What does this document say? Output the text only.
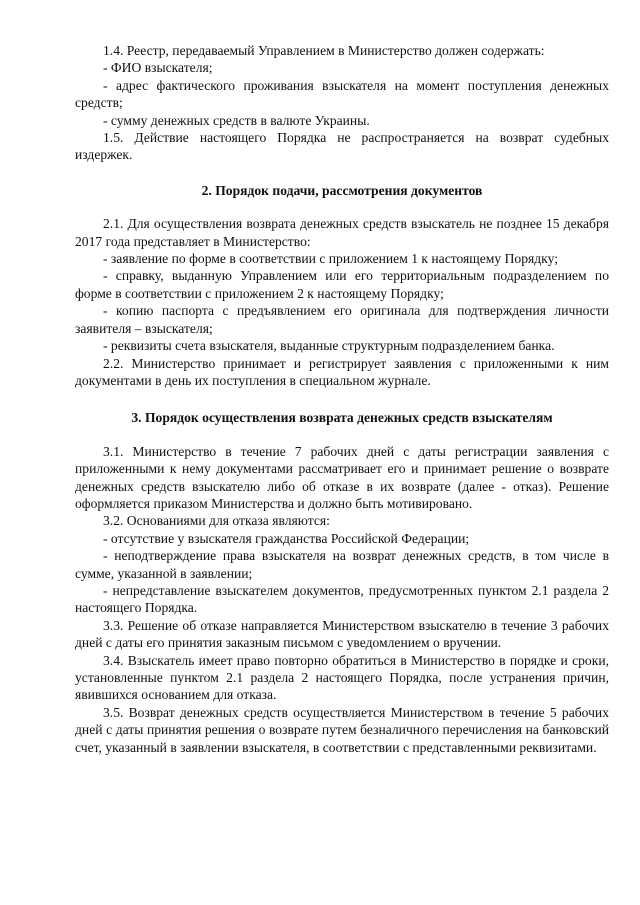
1.4. Реестр, передаваемый Управлением в Министерство должен содержать:

- ФИО взыскателя;

- адрес фактического проживания взыскателя на момент поступления денежных средств;

- сумму денежных средств в валюте Украины.

1.5. Действие настоящего Порядка не распространяется на возврат судебных издержек.

2. Порядок подачи, рассмотрения документов

2.1. Для осуществления возврата денежных средств взыскатель не позднее 15 декабря 2017 года представляет в Министерство:

- заявление по форме в соответствии с приложением 1 к настоящему Порядку;

- справку, выданную Управлением или его территориальным подразделением по форме в соответствии с приложением 2 к настоящему Порядку;

- копию паспорта с предъявлением его оригинала для подтверждения личности заявителя – взыскателя;

- реквизиты счета взыскателя, выданные структурным подразделением банка.

2.2. Министерство принимает и регистрирует заявления с приложенными к ним документами в день их поступления в специальном журнале.

3. Порядок осуществления возврата денежных средств взыскателям

3.1. Министерство в течение 7 рабочих дней с даты регистрации заявления с приложенными к нему документами рассматривает его и принимает решение о возврате денежных средств взыскателю либо об отказе в их возврате (далее - отказ). Решение оформляется приказом Министерства и должно быть мотивировано.

3.2. Основаниями для отказа являются:

- отсутствие у взыскателя гражданства Российской Федерации;

- неподтверждение права взыскателя на возврат денежных средств, в том числе в сумме, указанной в заявлении;

- непредставление взыскателем документов, предусмотренных пунктом 2.1 раздела 2 настоящего Порядка.

3.3. Решение об отказе направляется Министерством взыскателю в течение 3 рабочих дней с даты его принятия заказным письмом с уведомлением о вручении.

3.4. Взыскатель имеет право повторно обратиться в Министерство в порядке и сроки, установленные пунктом 2.1 раздела 2 настоящего Порядка, после устранения причин, явившихся основанием для отказа.

3.5. Возврат денежных средств осуществляется Министерством в течение 5 рабочих дней с даты принятия решения о возврате путем безналичного перечисления на банковский счет, указанный в заявлении взыскателя, в соответствии с представленными реквизитами.
